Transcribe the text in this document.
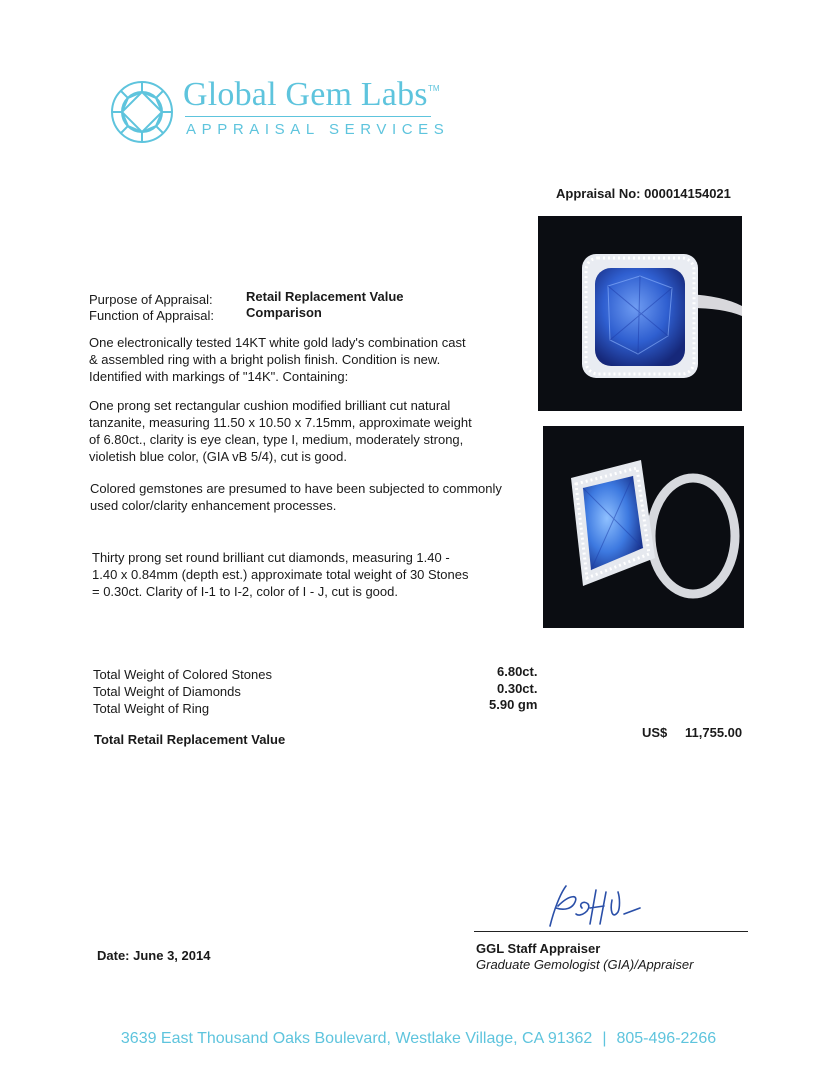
Global Gem Labs TM
APPRAISAL SERVICES
Appraisal No: 000014154021
Purpose of Appraisal:	Retail Replacement Value
Function of Appraisal: Comparison

One electronically tested 14KT white gold lady's combination cast

& assembled ring with a bright polish finish. Condition is new.

Identified with markings of "14K". Containing:

One prong set rectangular cushion modified brilliant cut natural

tanzanite, measuring 11.50 x 10.50 x 7.15mm, approximate weight

of 6.80ct., clarity is eye clean, type I, medium, moderately strong,

violetish blue color, (GIA vB 5/4), cut is good.

Colored gemstones are presumed to have been subjected to commonly

used color/clarity enhancement processes.

Thirty prong set round brilliant cut diamonds, measuring 1.40 -

1.40 x 0.84mm (depth est.) approximate total weight of 30 Stones

= 0.30ct. Clarity of I-1 to I-2, color of I - J, cut is good.

Total Weight of Colored Stones
Total Weight of Diamonds
Total Weight of Ring
6.80ct.
0.30ct.
5.90 gm
Total Retail Replacement Value	US$ 11,755.00
GGL Staff Appraiser
Graduate Gemologist (GIA)/Appraiser
Date: June 3, 2014
3639 East Thousand Oaks Boulevard, Westlake Village, CA 91362 | 805-496-2266
